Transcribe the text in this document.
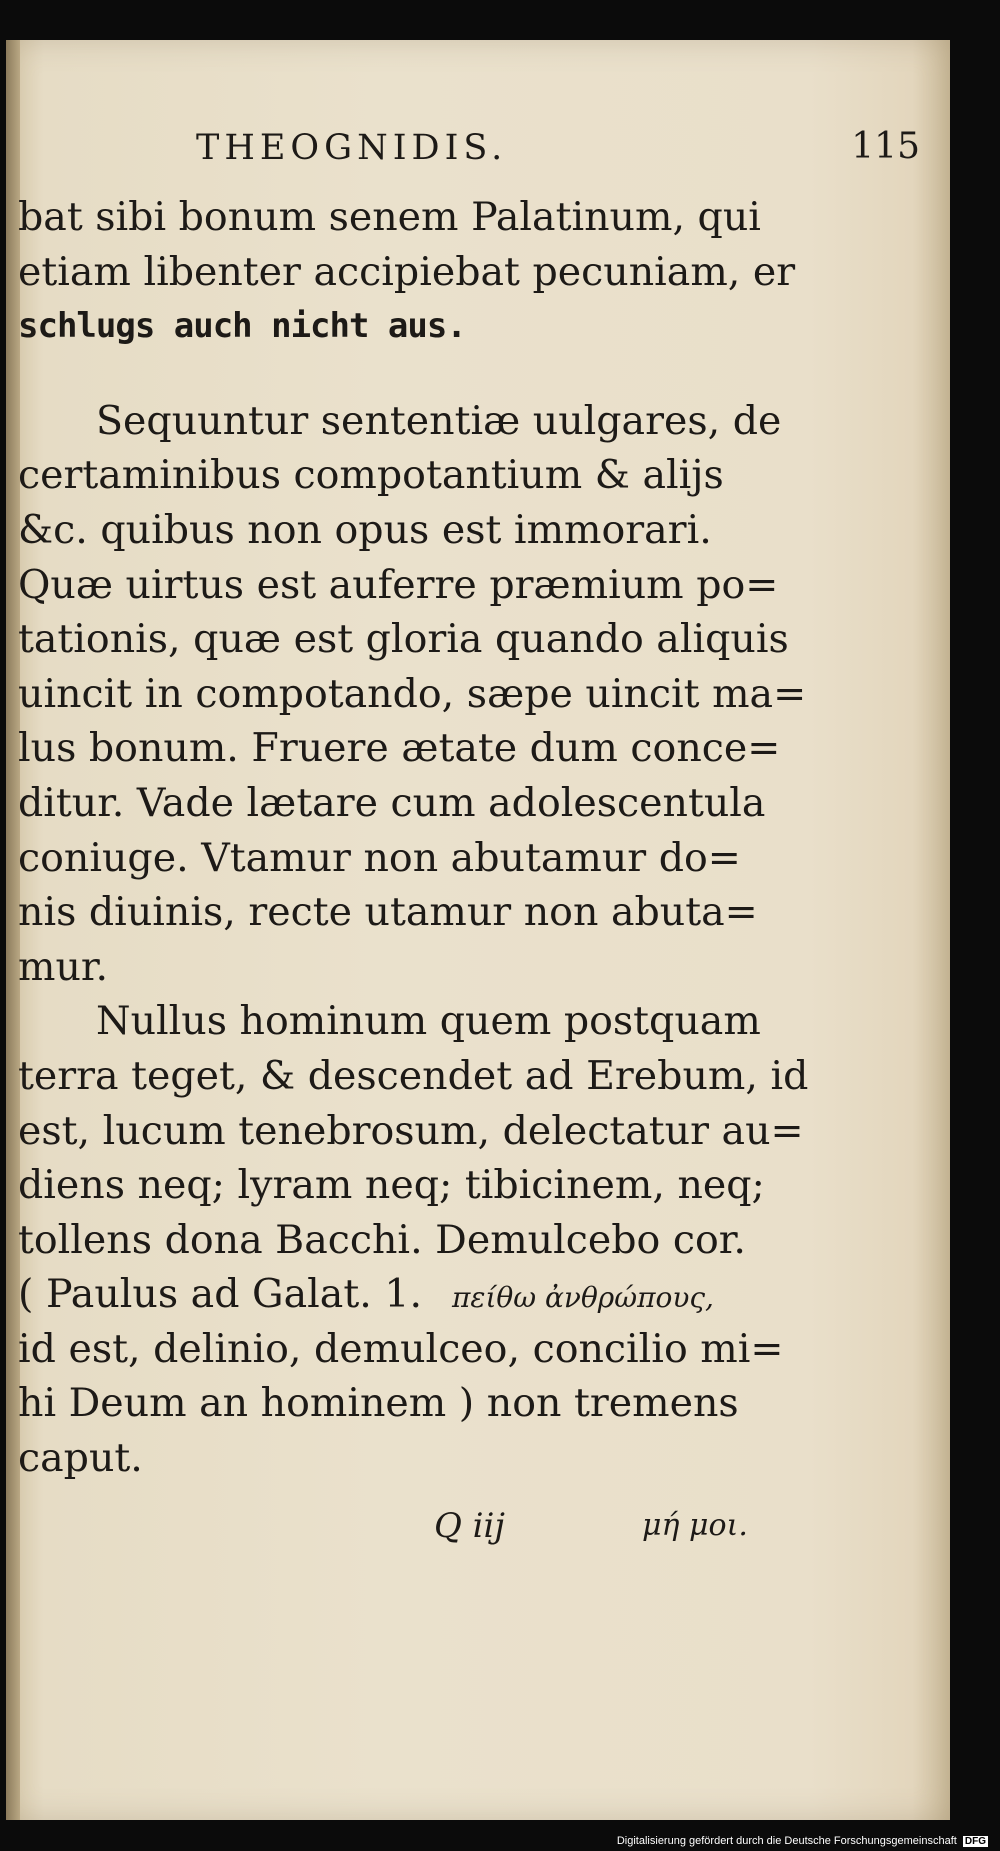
THEOGNIDIS.	115
bat sibi bonum senem Palatinum, qui
etiam libenter accipiebat pecuniam, er
schlugs auch nicht aus.
Sequuntur sententiæ uulgares, de
certaminibus compotantium & alijs
&c. quibus non opus est immorari.
Quæ uirtus est auferre præmium po=
tationis, quæ est gloria quando aliquis
uincit in compotando, sæpe uincit ma=
lus bonum. Fruere ætate dum conce=
ditur. Vade lætare cum adolescentula
coniuge. Vtamur non abutamur do=
nis diuinis, recte utamur non abuta=
mur.
Nullus hominum quem postquam
terra teget, & descendet ad Erebum, id
est, lucum tenebrosum, delectatur au=
diens neq; lyram neq; tibicinem, neq;
tollens dona Bacchi. Demulcebo cor.
( Paulus ad Galat. 1. πείθω ἀνθρώπους,
id est, delinio, demulceo, concilio mi=
hi Deum an hominem ) non tremens
caput.
Q iij	μή μοι.
Digitalisierung gefördert durch die Deutsche Forschungsgemeinschaft DFG
